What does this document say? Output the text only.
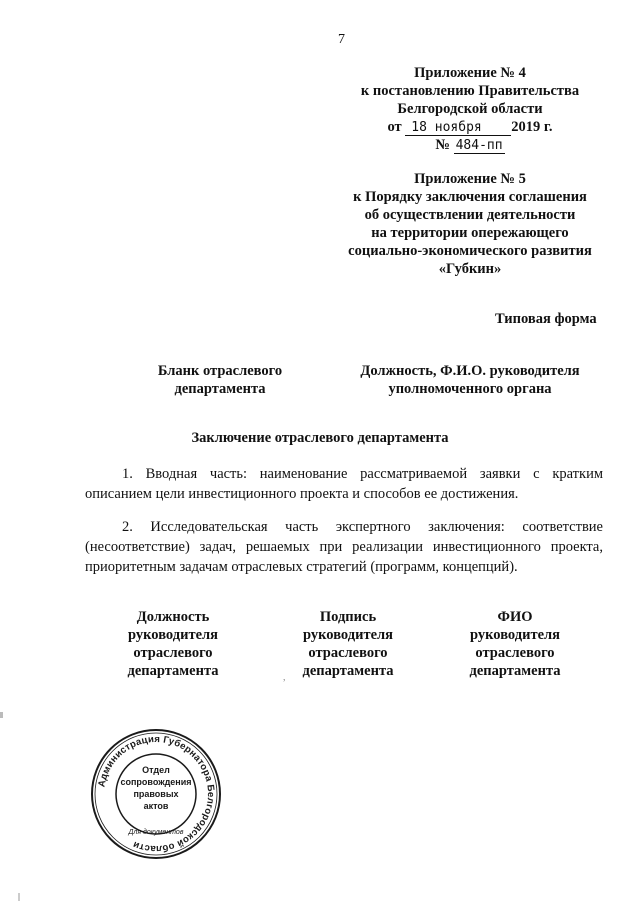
7
Приложение № 4
к постановлению Правительства
Белгородской области
от 18 ноября 2019 г.
№ 484-пп
Приложение № 5
к Порядку заключения соглашения
об осуществлении деятельности
на территории опережающего
социально-экономического развития
«Губкин»
Типовая форма
Бланк отраслевого
департамента
Должность, Ф.И.О. руководителя
уполномоченного органа
Заключение отраслевого департамента
1. Вводная часть: наименование рассматриваемой заявки с кратким описанием цели инвестиционного проекта и способов ее достижения.
2. Исследовательская часть экспертного заключения: соответствие (несоответствие) задач, решаемых при реализации инвестиционного проекта, приоритетным задачам отраслевых стратегий (программ, концепций).
Должность
руководителя
отраслевого
департамента
Подпись
руководителя
отраслевого
департамента
ФИО
руководителя
отраслевого
департамента
,
Администрация Губернатора Белгородской области
Для документов
Отдел
сопровождения
правовых
актов
